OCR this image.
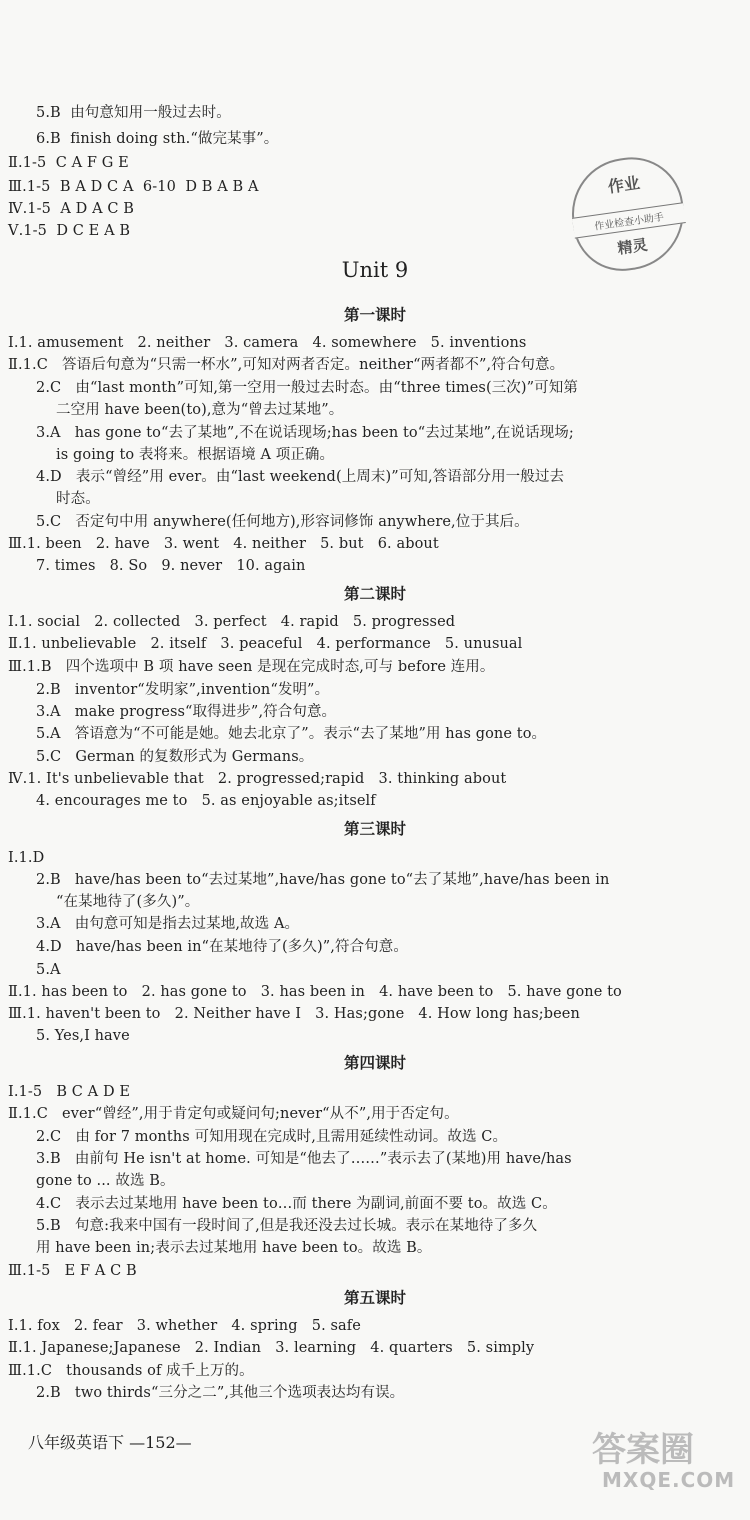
5.B  由句意知用一般过去时。
6.B  finish doing sth.“做完某事”。
Ⅱ.1-5  C A F G E
Ⅲ.1-5  B A D C A  6-10  D B A B A
Ⅳ.1-5  A D A C B
Ⅴ.1-5  D C E A B
Ⅰ.1. amusement   2. neither   3. camera   4. somewhere   5. inventions
Ⅱ.1.C   答语后句意为“只需一杯水”,可知对两者否定。neither“两者都不”,符合句意。
2.C   由“last month”可知,第一空用一般过去时态。由“three times(三次)”可知第
二空用 have been(to),意为“曾去过某地”。
3.A   has gone to“去了某地”,不在说话现场;has been to“去过某地”,在说话现场;
is going to 表将来。根据语境 A 项正确。
4.D   表示“曾经”用 ever。由“last weekend(上周末)”可知,答语部分用一般过去
时态。
5.C   否定句中用 anywhere(任何地方),形容词修饰 anywhere,位于其后。
Ⅲ.1. been   2. have   3. went   4. neither   5. but   6. about
7. times   8. So   9. never   10. again
Ⅰ.1. social   2. collected   3. perfect   4. rapid   5. progressed
Ⅱ.1. unbelievable   2. itself   3. peaceful   4. performance   5. unusual
Ⅲ.1.B   四个选项中 B 项 have seen 是现在完成时态,可与 before 连用。
2.B   inventor“发明家”,invention“发明”。
3.A   make progress“取得进步”,符合句意。
5.A   答语意为“不可能是她。她去北京了”。表示“去了某地”用 has gone to。
5.C   German 的复数形式为 Germans。
Ⅳ.1. It's unbelievable that   2. progressed;rapid   3. thinking about
4. encourages me to   5. as enjoyable as;itself
Ⅰ.1.D
2.B   have/has been to“去过某地”,have/has gone to“去了某地”,have/has been in
“在某地待了(多久)”。
3.A   由句意可知是指去过某地,故选 A。
4.D   have/has been in“在某地待了(多久)”,符合句意。
5.A
Ⅱ.1. has been to   2. has gone to   3. has been in   4. have been to   5. have gone to
Ⅲ.1. haven't been to   2. Neither have I   3. Has;gone   4. How long has;been
5. Yes,I have
Ⅰ.1-5   B C A D E
Ⅱ.1.C   ever“曾经”,用于肯定句或疑问句;never“从不”,用于否定句。
2.C   由 for 7 months 可知用现在完成时,且需用延续性动词。故选 C。
3.B   由前句 He isn't at home. 可知是“他去了……”表示去了(某地)用 have/has
gone to ... 故选 B。
4.C   表示去过某地用 have been to…而 there 为副词,前面不要 to。故选 C。
5.B   句意:我来中国有一段时间了,但是我还没去过长城。表示在某地待了多久
用 have been in;表示去过某地用 have been to。故选 B。
Ⅲ.1-5   E F A C B
Ⅰ.1. fox   2. fear   3. whether   4. spring   5. safe
Ⅱ.1. Japanese;Japanese   2. Indian   3. learning   4. quarters   5. simply
Ⅲ.1.C   thousands of 成千上万的。
2.B   two thirds“三分之二”,其他三个选项表达均有误。
Unit 9
第一课时
第二课时
第三课时
第四课时
第五课时
作业
作业检查小助手
精灵
八年级英语下 —152—	答案圈
MXQE.COM
